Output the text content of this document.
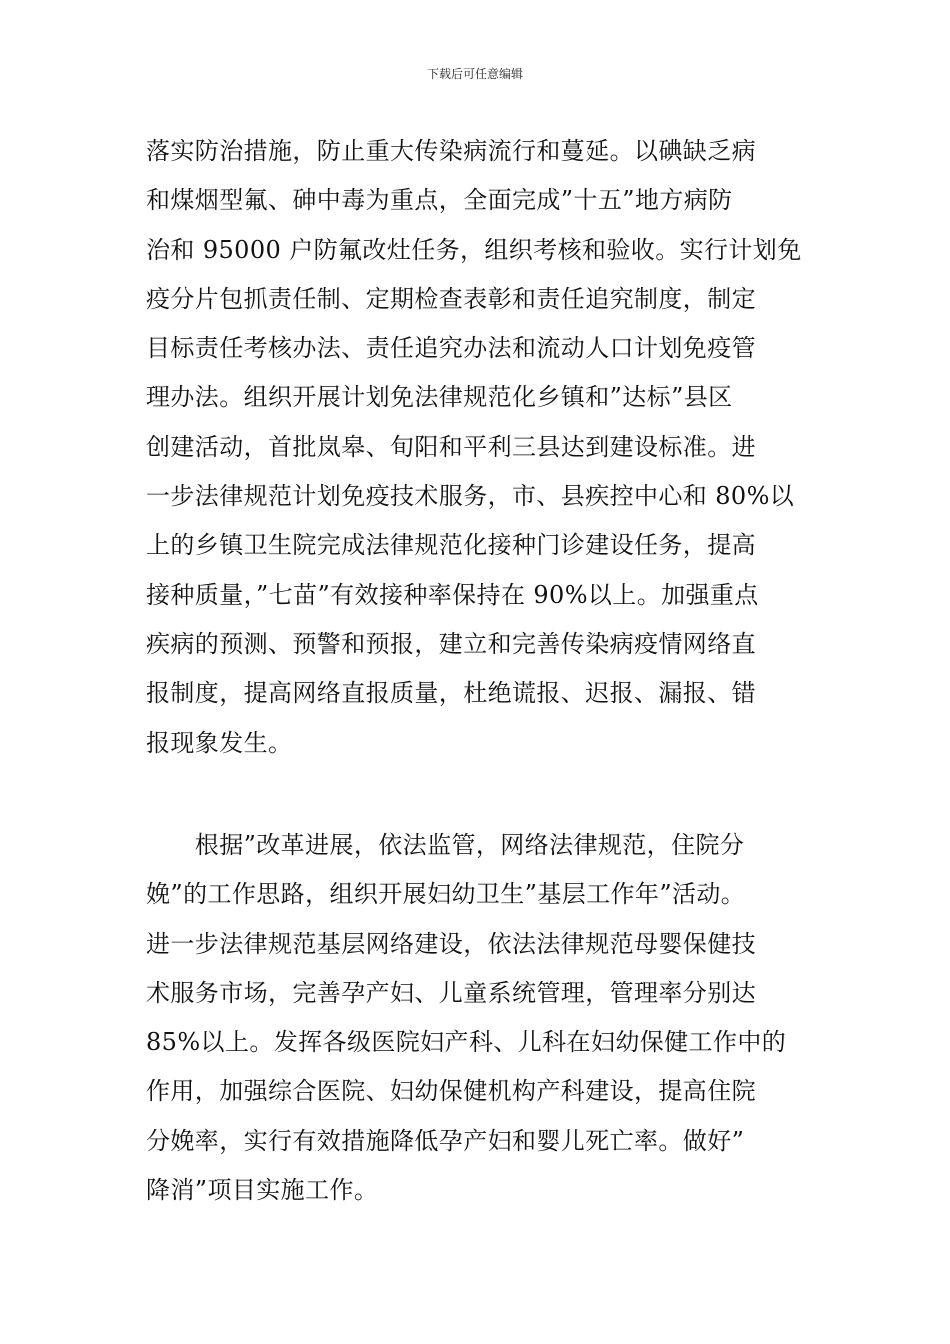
下载后可任意编辑
落实防治措施，防止重大传染病流行和蔓延。以碘缺乏病
和煤烟型氟、砷中毒为重点，全面完成”十五”地方病防
治和 95000 户防氟改灶任务，组织考核和验收。实行计划免
疫分片包抓责任制、定期检查表彰和责任追究制度，制定
目标责任考核办法、责任追究办法和流动人口计划免疫管
理办法。组织开展计划免法律规范化乡镇和”达标”县区
创建活动，首批岚皋、旬阳和平利三县达到建设标准。进
一步法律规范计划免疫技术服务，市、县疾控中心和 80%以
上的乡镇卫生院完成法律规范化接种门诊建设任务，提高
接种质量，”七苗”有效接种率保持在 90%以上。加强重点
疾病的预测、预警和预报，建立和完善传染病疫情网络直
报制度，提高网络直报质量，杜绝谎报、迟报、漏报、错
报现象发生。
　　根据”改革进展，依法监管，网络法律规范，住院分
娩”的工作思路，组织开展妇幼卫生”基层工作年”活动。
进一步法律规范基层网络建设，依法法律规范母婴保健技
术服务市场，完善孕产妇、儿童系统管理，管理率分别达
85%以上。发挥各级医院妇产科、儿科在妇幼保健工作中的
作用，加强综合医院、妇幼保健机构产科建设，提高住院
分娩率，实行有效措施降低孕产妇和婴儿死亡率。做好”
降消”项目实施工作。
